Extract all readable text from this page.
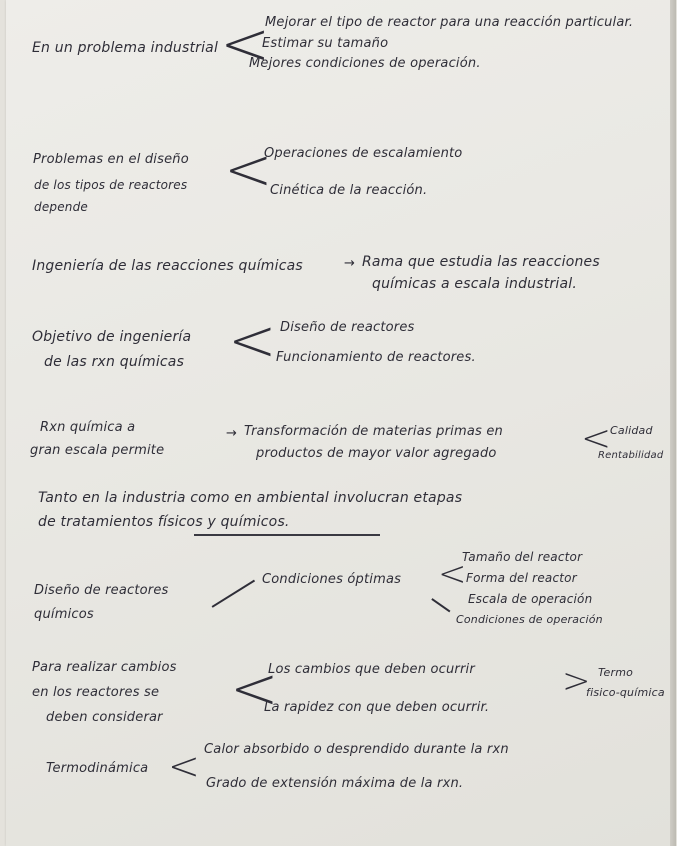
En un problema industrial <
Mejorar el tipo de reactor para una reacción particular.
Estimar su tamaño
Mejores condiciones de operación.
Problemas en el diseño
de los tipos de reactores
depende
<
Operaciones de escalamiento
Cinética de la reacción.
Ingeniería de las reacciones químicas	→ Rama que estudia las reacciones
químicas a escala industrial.
Objetivo de ingeniería
de las rxn químicas < Diseño de reactores
Funcionamiento de reactores.
Rxn química a
gran escala permite
→ Transformación de materias primas en
productos de mayor valor agregado <
Calidad
Rentabilidad
Tanto en la industria como en ambiental involucran etapas
de tratamientos físicos y químicos.
Diseño de reactores
químicos
Condiciones óptimas <
Tamaño del reactor
Forma del reactor
Escala de operación
Condiciones de operación
Para realizar cambios
en los reactores se
deben considerar <
Los cambios que deben ocurrir
La rapidez con que deben ocurrir.
> Termo
fisico-química
Termodinámica < Calor absorbido o desprendido durante la rxn
Grado de extensión máxima de la rxn.
